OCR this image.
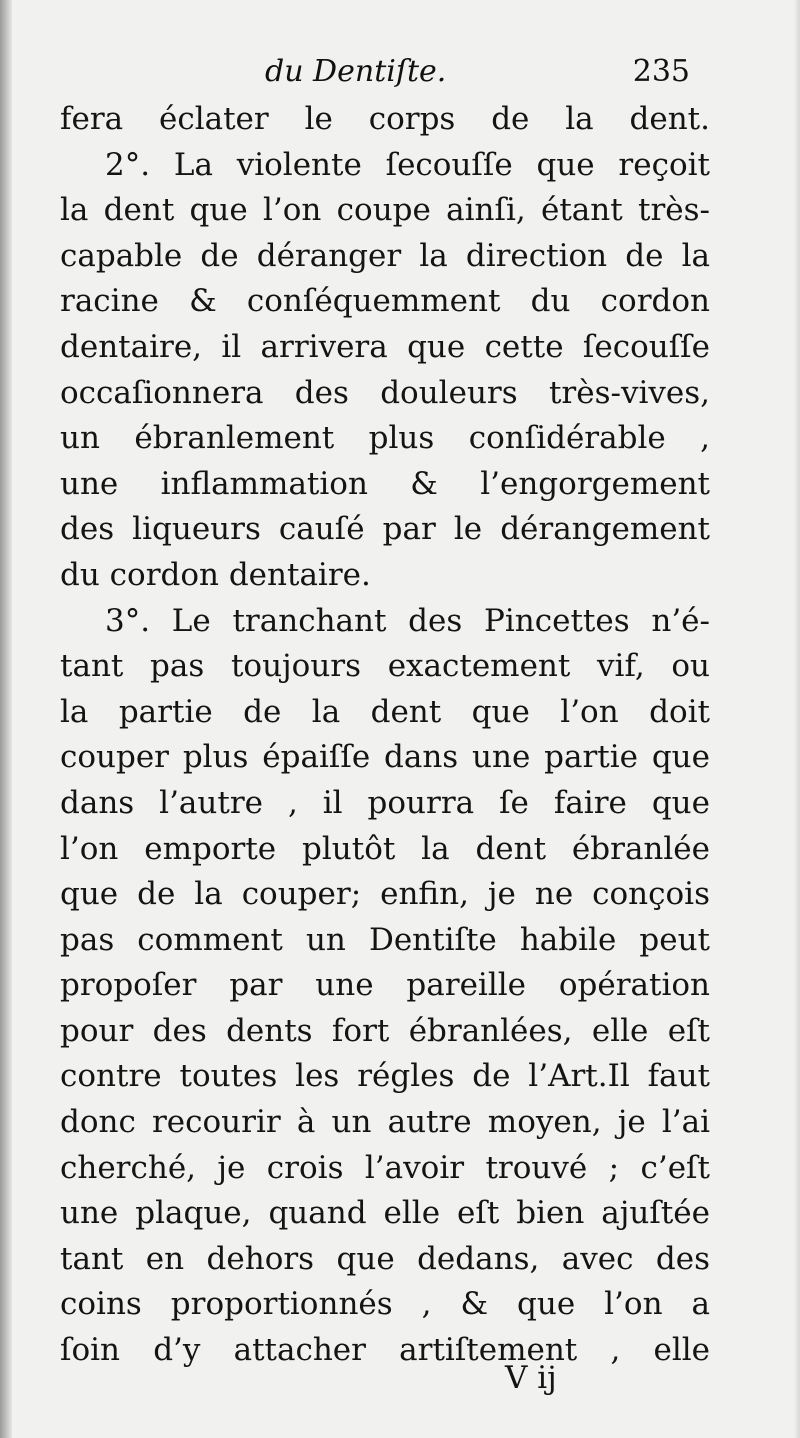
du Dentiſte.	235
fera éclater le corps de la dent.
2°. La violente ſecouſſe que reçoit
la dent que l’on coupe ainſi, étant très-
capable de déranger la direction de la
racine & conſéquemment du cordon
dentaire, il arrivera que cette ſecouſſe
occaſionnera des douleurs très-vives,
un ébranlement plus conſidérable ,
une inflammation & l’engorgement
des liqueurs cauſé par le dérangement
du cordon dentaire.
3°. Le tranchant des Pincettes n’é-
tant pas toujours exactement vif, ou
la partie de la dent que l’on doit
couper plus épaiſſe dans une partie que
dans l’autre , il pourra ſe faire que
l’on emporte plutôt la dent ébranlée
que de la couper; enfin, je ne conçois
pas comment un Dentiſte habile peut
propoſer par une pareille opération
pour des dents fort ébranlées, elle eſt
contre toutes les régles de l’Art.Il faut
donc recourir à un autre moyen, je l’ai
cherché, je crois l’avoir trouvé ; c’eſt
une plaque, quand elle eſt bien ajuſtée
tant en dehors que dedans, avec des
coins proportionnés , & que l’on a
ſoin d’y attacher artiſtement , elle
V ij
